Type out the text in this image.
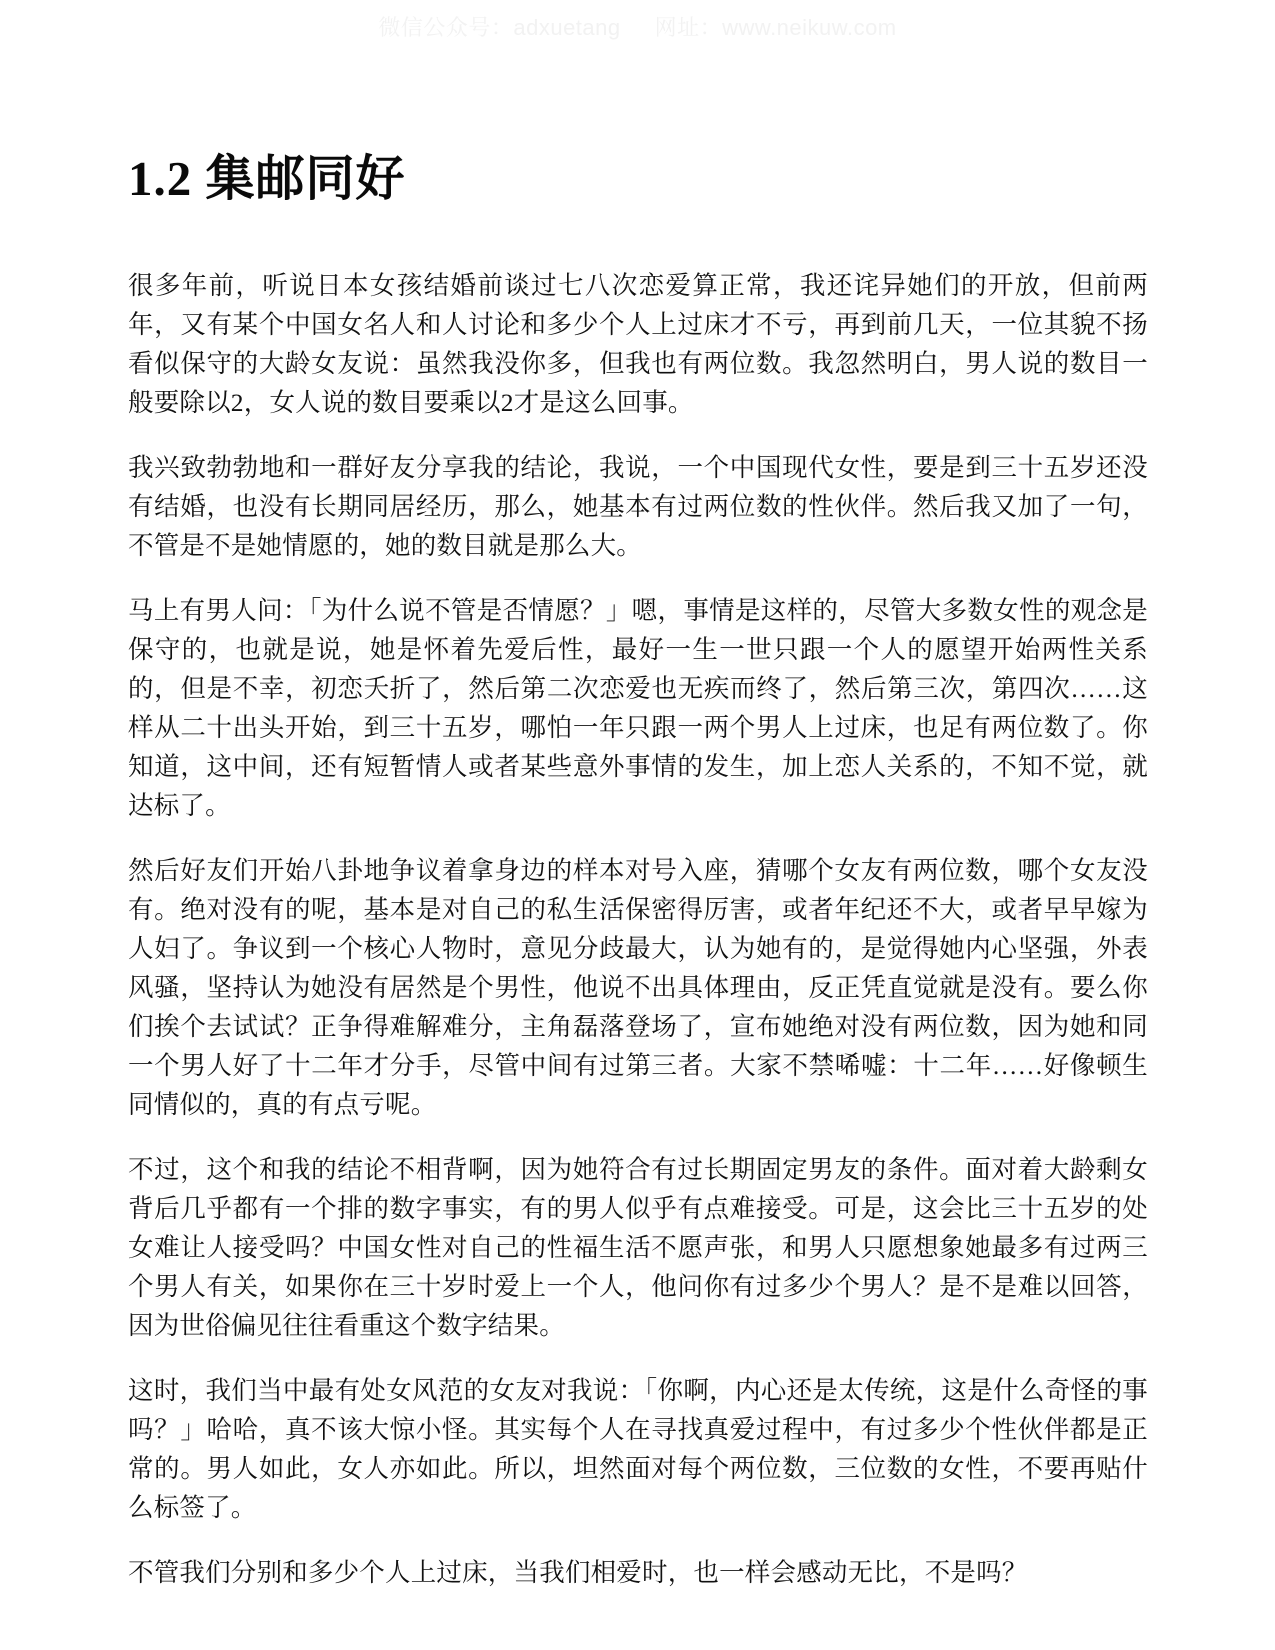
微信公众号：adxuetang 网址：www.neikuw.com
1.2 集邮同好

很多年前，听说日本女孩结婚前谈过七八次恋爱算正常，我还诧异她们的开放，但前两年，又有某个中国女名人和人讨论和多少个人上过床才不亏，再到前几天，一位其貌不扬看似保守的大龄女友说：虽然我没你多，但我也有两位数。我忽然明白，男人说的数目一般要除以2，女人说的数目要乘以2才是这么回事。

我兴致勃勃地和一群好友分享我的结论，我说，一个中国现代女性，要是到三十五岁还没有结婚，也没有长期同居经历，那么，她基本有过两位数的性伙伴。然后我又加了一句，不管是不是她情愿的，她的数目就是那么大。

马上有男人问：「为什么说不管是否情愿？」嗯，事情是这样的，尽管大多数女性的观念是保守的，也就是说，她是怀着先爱后性，最好一生一世只跟一个人的愿望开始两性关系的，但是不幸，初恋夭折了，然后第二次恋爱也无疾而终了，然后第三次，第四次……这样从二十出头开始，到三十五岁，哪怕一年只跟一两个男人上过床，也足有两位数了。你知道，这中间，还有短暂情人或者某些意外事情的发生，加上恋人关系的，不知不觉，就达标了。

然后好友们开始八卦地争议着拿身边的样本对号入座，猜哪个女友有两位数，哪个女友没有。绝对没有的呢，基本是对自己的私生活保密得厉害，或者年纪还不大，或者早早嫁为人妇了。争议到一个核心人物时，意见分歧最大，认为她有的，是觉得她内心坚强，外表风骚，坚持认为她没有居然是个男性，他说不出具体理由，反正凭直觉就是没有。要么你们挨个去试试？正争得难解难分，主角磊落登场了，宣布她绝对没有两位数，因为她和同一个男人好了十二年才分手，尽管中间有过第三者。大家不禁唏嘘：十二年……好像顿生同情似的，真的有点亏呢。

不过，这个和我的结论不相背啊，因为她符合有过长期固定男友的条件。面对着大龄剩女背后几乎都有一个排的数字事实，有的男人似乎有点难接受。可是，这会比三十五岁的处女难让人接受吗？中国女性对自己的性福生活不愿声张，和男人只愿想象她最多有过两三个男人有关，如果你在三十岁时爱上一个人，他问你有过多少个男人？是不是难以回答，因为世俗偏见往往看重这个数字结果。

这时，我们当中最有处女风范的女友对我说：「你啊，内心还是太传统，这是什么奇怪的事吗？」哈哈，真不该大惊小怪。其实每个人在寻找真爱过程中，有过多少个性伙伴都是正常的。男人如此，女人亦如此。所以，坦然面对每个两位数，三位数的女性，不要再贴什么标签了。

不管我们分别和多少个人上过床，当我们相爱时，也一样会感动无比，不是吗？
